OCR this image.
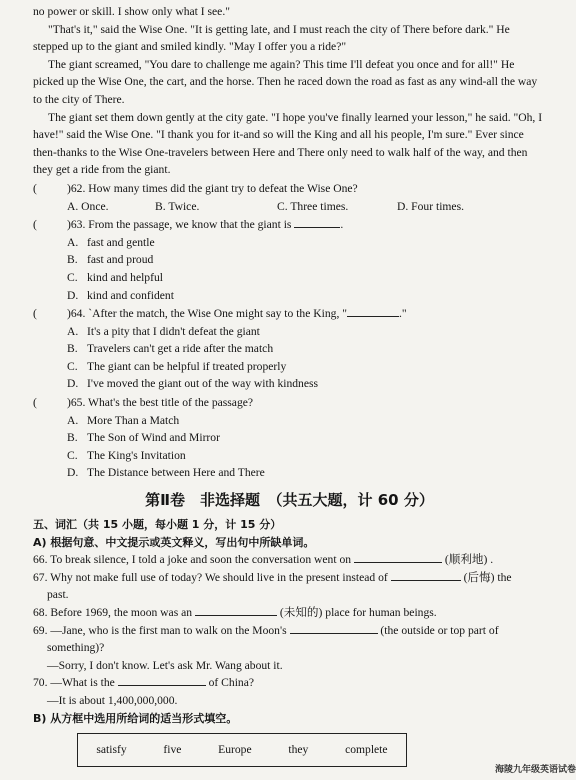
no power or skill. I show only what I see."

"That's it," said the Wise One. "It is getting late, and I must reach the city of There before dark." He stepped up to the giant and smiled kindly. "May I offer you a ride?"

The giant screamed, "You dare to challenge me again? This time I'll defeat you once and for all!" He picked up the Wise One, the cart, and the horse. Then he raced down the road as fast as any wind-all the way to the city of There.

The giant set them down gently at the city gate. "I hope you've finally learned your lesson," he said. "Oh, I have!" said the Wise One. "I thank you for it-and so will the King and all his people, I'm sure." Ever since then-thanks to the Wise One-travelers between Here and There only need to walk half of the way, and then they get a ride from the giant.

(	)62. How many times did the giant try to defeat the Wise One?
A. Once.	B. Twice.	C. Three times.	D. Four times.
(	)63. From the passage, we know that the giant is	.
A. fast and gentle
B. fast and proud
C. kind and helpful
D. kind and confident
(	)64. `After the match, the Wise One might say to the King, "	."
A. It's a pity that I didn't defeat the giant
B. Travelers can't get a ride after the match
C. The giant can be helpful if treated properly
D. I've moved the giant out of the way with kindness
(	)65. What's the best title of the passage?
A. More Than a Match
B. The Son of Wind and Mirror
C. The King's Invitation
D. The Distance between Here and There
第Ⅱ卷　非选择题　（共五大题，计 60 分）
五、词汇（共 15 小题，每小题 1 分，计 15 分）
A) 根据句意、中文提示或英文释义，写出句中所缺单词。
66. To break silence, I told a joke and soon the conversation went on	(顺利地) .
67. Why not make full use of today? We should live in the present instead of	(后悔) the
past.
68. Before 1969, the moon was an	(未知的) place for human beings.
69. —Jane, who is the first man to walk on the Moon's	(the outside or top part of
something)?
—Sorry, I don't know. Let's ask Mr. Wang about it.
70. —What is the	of China?
—It is about 1,400,000,000.
B) 从方框中选用所给词的适当形式填空。
satisfy	five	Europe	they	complete
海陵九年级英语试卷
